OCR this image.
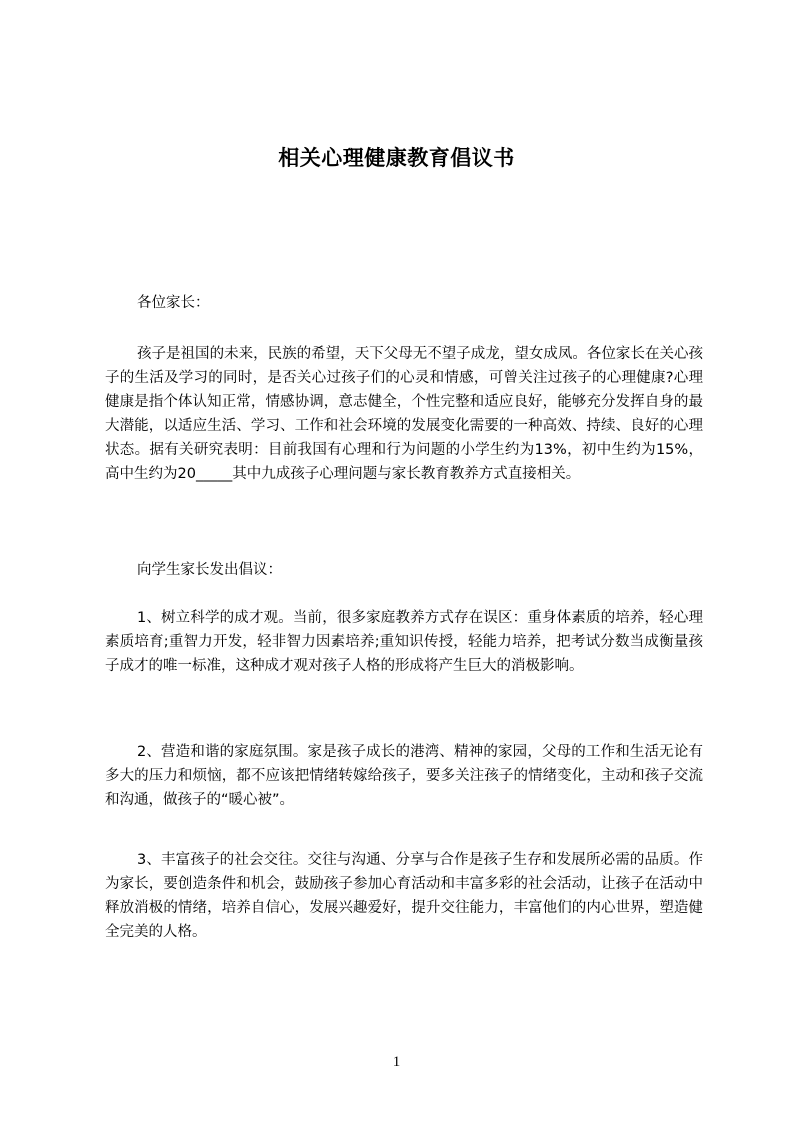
相关心理健康教育倡议书
各位家长：

孩子是祖国的未来，民族的希望，天下父母无不望子成龙，望女成凤。各位家长在关心孩子的生活及学习的同时，是否关心过孩子们的心灵和情感，可曾关注过孩子的心理健康?心理健康是指个体认知正常，情感协调，意志健全，个性完整和适应良好，能够充分发挥自身的最大潜能，以适应生活、学习、工作和社会环境的发展变化需要的一种高效、持续、良好的心理状态。据有关研究表明：目前我国有心理和行为问题的小学生约为13%，初中生约为15%，高中生约为20_____其中九成孩子心理问题与家长教育教养方式直接相关。

向学生家长发出倡议：

1、树立科学的成才观。当前，很多家庭教养方式存在误区：重身体素质的培养，轻心理素质培育;重智力开发，轻非智力因素培养;重知识传授，轻能力培养，把考试分数当成衡量孩子成才的唯一标准，这种成才观对孩子人格的形成将产生巨大的消极影响。

2、营造和谐的家庭氛围。家是孩子成长的港湾、精神的家园，父母的工作和生活无论有多大的压力和烦恼，都不应该把情绪转嫁给孩子，要多关注孩子的情绪变化，主动和孩子交流和沟通，做孩子的“暖心被”。

3、丰富孩子的社会交往。交往与沟通、分享与合作是孩子生存和发展所必需的品质。作为家长，要创造条件和机会，鼓励孩子参加心育活动和丰富多彩的社会活动，让孩子在活动中释放消极的情绪，培养自信心，发展兴趣爱好，提升交往能力，丰富他们的内心世界，塑造健全完美的人格。

1
